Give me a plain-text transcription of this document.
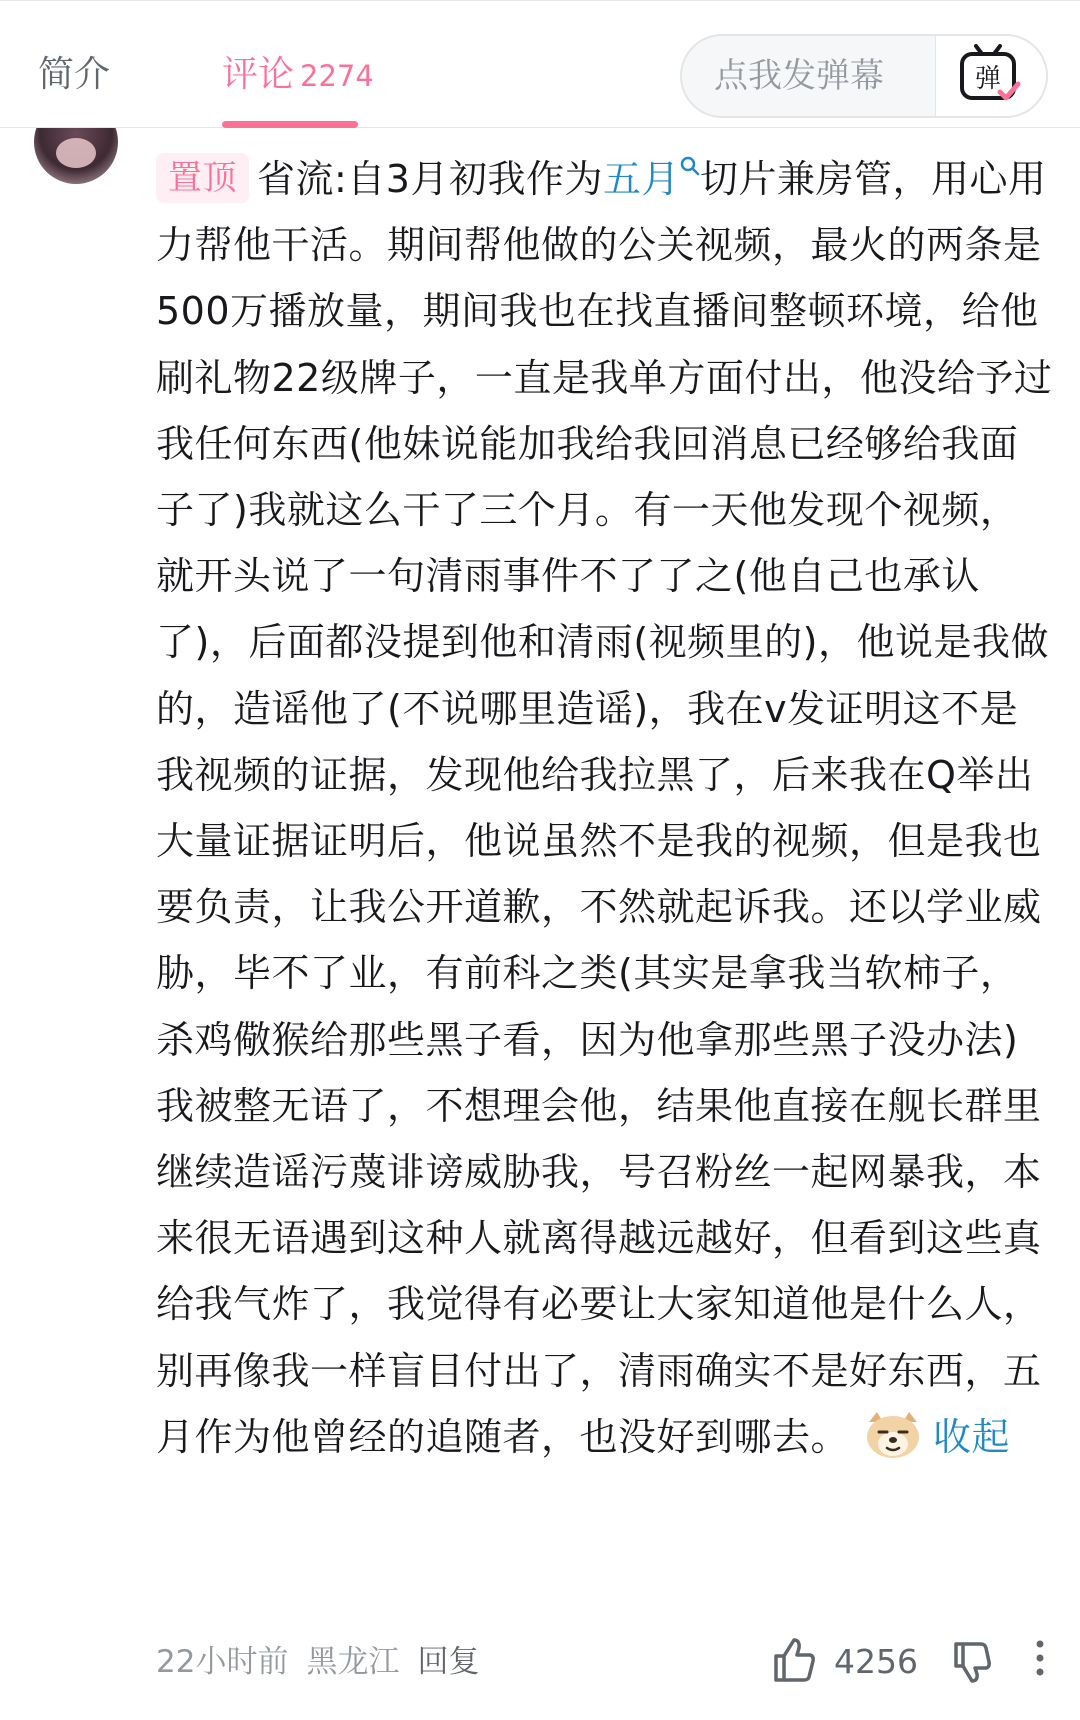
简介	评论 2274	点我发弹幕	弹
置顶 省流:自3月初我作为五月 切片兼房管，用心用力帮他干活。期间帮他做的公关视频，最火的两条是500万播放量，期间我也在找直播间整顿环境，给他刷礼物22级牌子，一直是我单方面付出，他没给予过我任何东西(他妹说能加我给我回消息已经够给我面子了)我就这么干了三个月。有一天他发现个视频，就开头说了一句清雨事件不了了之(他自己也承认了)，后面都没提到他和清雨(视频里的)，他说是我做的，造谣他了(不说哪里造谣)，我在v发证明这不是我视频的证据，发现他给我拉黑了，后来我在Q举出大量证据证明后，他说虽然不是我的视频，但是我也要负责，让我公开道歉，不然就起诉我。还以学业威胁，毕不了业，有前科之类(其实是拿我当软柿子，杀鸡儆猴给那些黑子看，因为他拿那些黑子没办法)我被整无语了，不想理会他，结果他直接在舰长群里继续造谣污蔑诽谤威胁我，号召粉丝一起网暴我，本来很无语遇到这种人就离得越远越好，但看到这些真给我气炸了，我觉得有必要让大家知道他是什么人，别再像我一样盲目付出了，清雨确实不是好东西，五月作为他曾经的追随者，也没好到哪去。 收起
22小时前 黑龙江 回复	4256
